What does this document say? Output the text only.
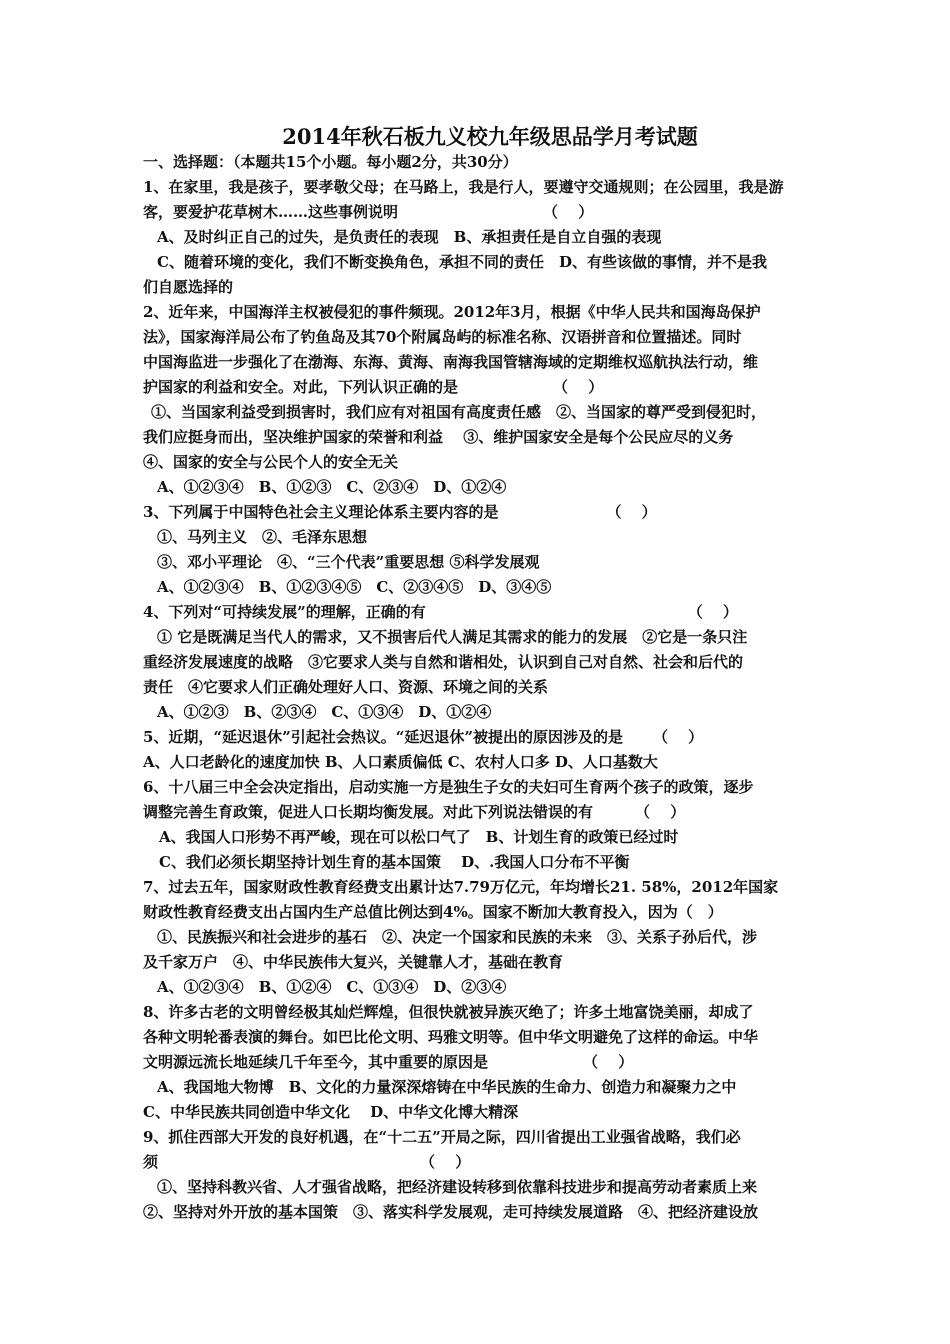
2014年秋石板九义校九年级思品学月考试题
一、选择题：（本题共15个小题。每小题2分，共30分）
1、在家里，我是孩子，要孝敬父母；在马路上，我是行人，要遵守交通规则；在公园里，我是游
客，要爱护花草树木……这些事例说明	（　 ）
A、及时纠正自己的过失，是负责任的表现　B、承担责任是自立自强的表现
C、随着环境的变化，我们不断变换角色，承担不同的责任　D、有些该做的事情，并不是我
们自愿选择的
2、近年来，中国海洋主权被侵犯的事件频现。2012年3月，根据《中华人民共和国海岛保护
法》，国家海洋局公布了钓鱼岛及其70个附属岛屿的标准名称、汉语拼音和位置描述。同时
中国海监进一步强化了在渤海、东海、黄海、南海我国管辖海域的定期维权巡航执法行动，维
护国家的利益和安全。对此，下列认识正确的是	（　 ）
①、当国家利益受到损害时，我们应有对祖国有高度责任感　②、当国家的尊严受到侵犯时，
我们应挺身而出，坚决维护国家的荣誉和利益　 ③、维护国家安全是每个公民应尽的义务
④、国家的安全与公民个人的安全无关
A、①②③④　B、①②③　C、②③④　D、①②④
3、下列属于中国特色社会主义理论体系主要内容的是	（　 ）
①、马列主义　②、毛泽东思想
③、邓小平理论　④、“三个代表”重要思想 ⑤科学发展观
A、①②③④　B、①②③④⑤　C、②③④⑤　D、③④⑤
4、下列对“可持续发展”的理解，正确的有	（　 ）
① 它是既满足当代人的需求，又不损害后代人满足其需求的能力的发展　②它是一条只注
重经济发展速度的战略　③它要求人类与自然和谐相处，认识到自己对自然、社会和后代的
责任　④它要求人们正确处理好人口、资源、环境之间的关系
A、①②③　B、②③④　C、①③④　D、①②④
5、近期，“延迟退休”引起社会热议。“延迟退休”被提出的原因涉及的是 （　 ）
A、人口老龄化的速度加快 B、人口素质偏低 C、农村人口多 D、人口基数大
6、十八届三中全会决定指出，启动实施一方是独生子女的夫妇可生育两个孩子的政策，逐步
调整完善生育政策，促进人口长期均衡发展。对此下列说法错误的有	（　 ）
A、我国人口形势不再严峻，现在可以松口气了　B、计划生育的政策已经过时
C、我们必须长期坚持计划生育的基本国策　 D、.我国人口分布不平衡
7、过去五年，国家财政性教育经费支出累计达7.79万亿元，年均增长21. 58%，2012年国家
财政性教育经费支出占国内生产总值比例达到4%。国家不断加大教育投入，因为（　）
①、民族振兴和社会进步的基石　②、决定一个国家和民族的未来　③、关系子孙后代，涉
及千家万户　④、中华民族伟大复兴，关键靠人才，基础在教育
A、①②③④　B、①②④　C、①③④　D、②③④
8、许多古老的文明曾经极其灿烂辉煌，但很快就被异族灭绝了；许多土地富饶美丽，却成了
各种文明轮番表演的舞台。如巴比伦文明、玛雅文明等。但中华文明避免了这样的命运。中华
文明源远流长地延续几千年至今，其中重要的原因是	（　 ）
A、我国地大物博　B、文化的力量深深熔铸在中华民族的生命力、创造力和凝聚力之中
C、中华民族共同创造中华文化　 D、中华文化博大精深
9、抓住西部大开发的良好机遇，在“十二五”开局之际，四川省提出工业强省战略，我们必
须	（　 ）
①、坚持科教兴省、人才强省战略，把经济建设转移到依靠科技进步和提高劳动者素质上来
②、坚持对外开放的基本国策　③、落实科学发展观，走可持续发展道路　④、把经济建设放
